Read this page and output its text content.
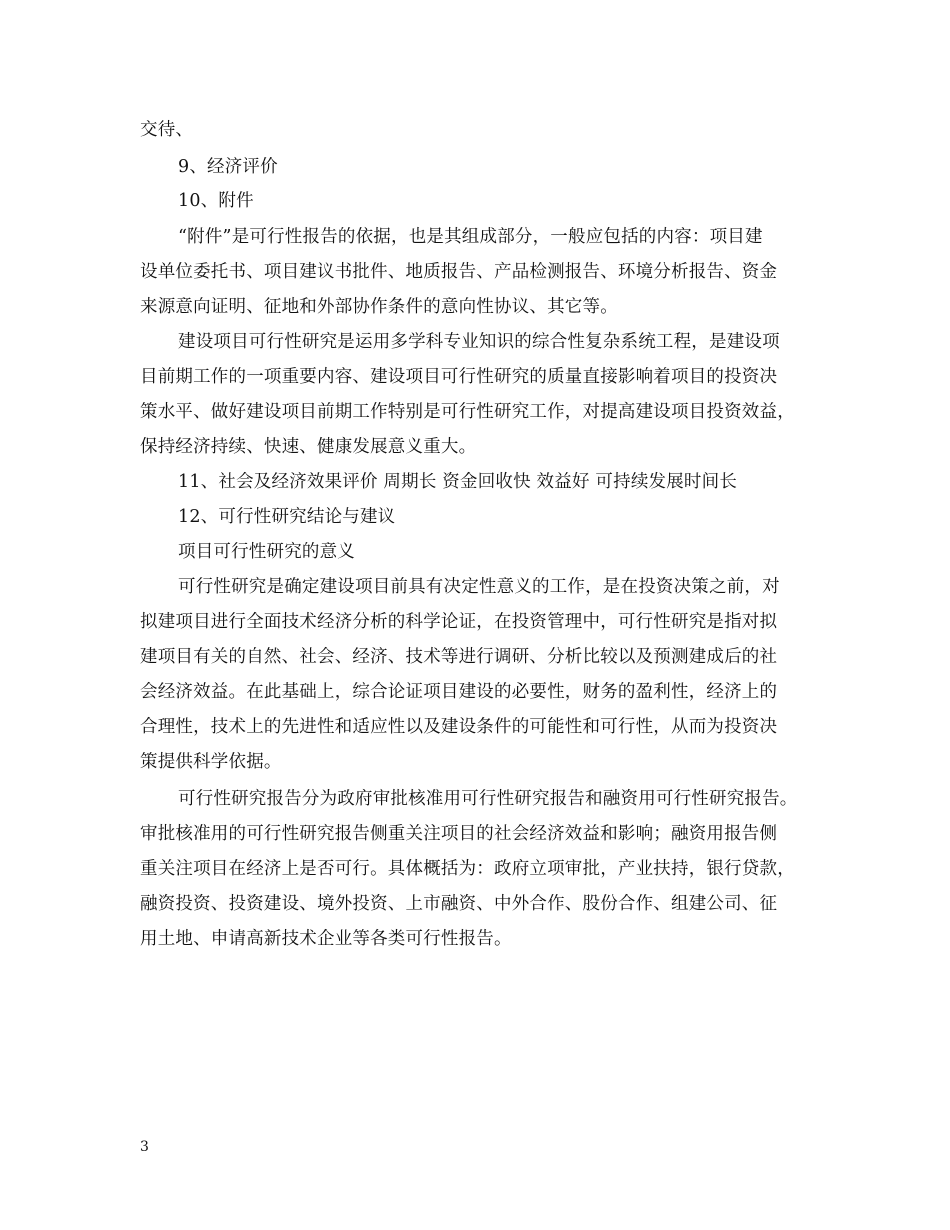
交待、
9、经济评价
10、附件
“附件”是可行性报告的依据，也是其组成部分，一般应包括的内容：项目建
设单位委托书、项目建议书批件、地质报告、产品检测报告、环境分析报告、资金
来源意向证明、征地和外部协作条件的意向性协议、其它等。
建设项目可行性研究是运用多学科专业知识的综合性复杂系统工程，是建设项
目前期工作的一项重要内容、建设项目可行性研究的质量直接影响着项目的投资决
策水平、做好建设项目前期工作特别是可行性研究工作，对提高建设项目投资效益，
保持经济持续、快速、健康发展意义重大。
11、社会及经济效果评价 周期长 资金回收快 效益好 可持续发展时间长
12、可行性研究结论与建议
项目可行性研究的意义
可行性研究是确定建设项目前具有决定性意义的工作，是在投资决策之前，对
拟建项目进行全面技术经济分析的科学论证，在投资管理中，可行性研究是指对拟
建项目有关的自然、社会、经济、技术等进行调研、分析比较以及预测建成后的社
会经济效益。在此基础上，综合论证项目建设的必要性，财务的盈利性，经济上的
合理性，技术上的先进性和适应性以及建设条件的可能性和可行性，从而为投资决
策提供科学依据。
可行性研究报告分为政府审批核准用可行性研究报告和融资用可行性研究报告。
审批核准用的可行性研究报告侧重关注项目的社会经济效益和影响；融资用报告侧
重关注项目在经济上是否可行。具体概括为：政府立项审批，产业扶持，银行贷款，
融资投资、投资建设、境外投资、上市融资、中外合作、股份合作、组建公司、征
用土地、申请高新技术企业等各类可行性报告。
3
